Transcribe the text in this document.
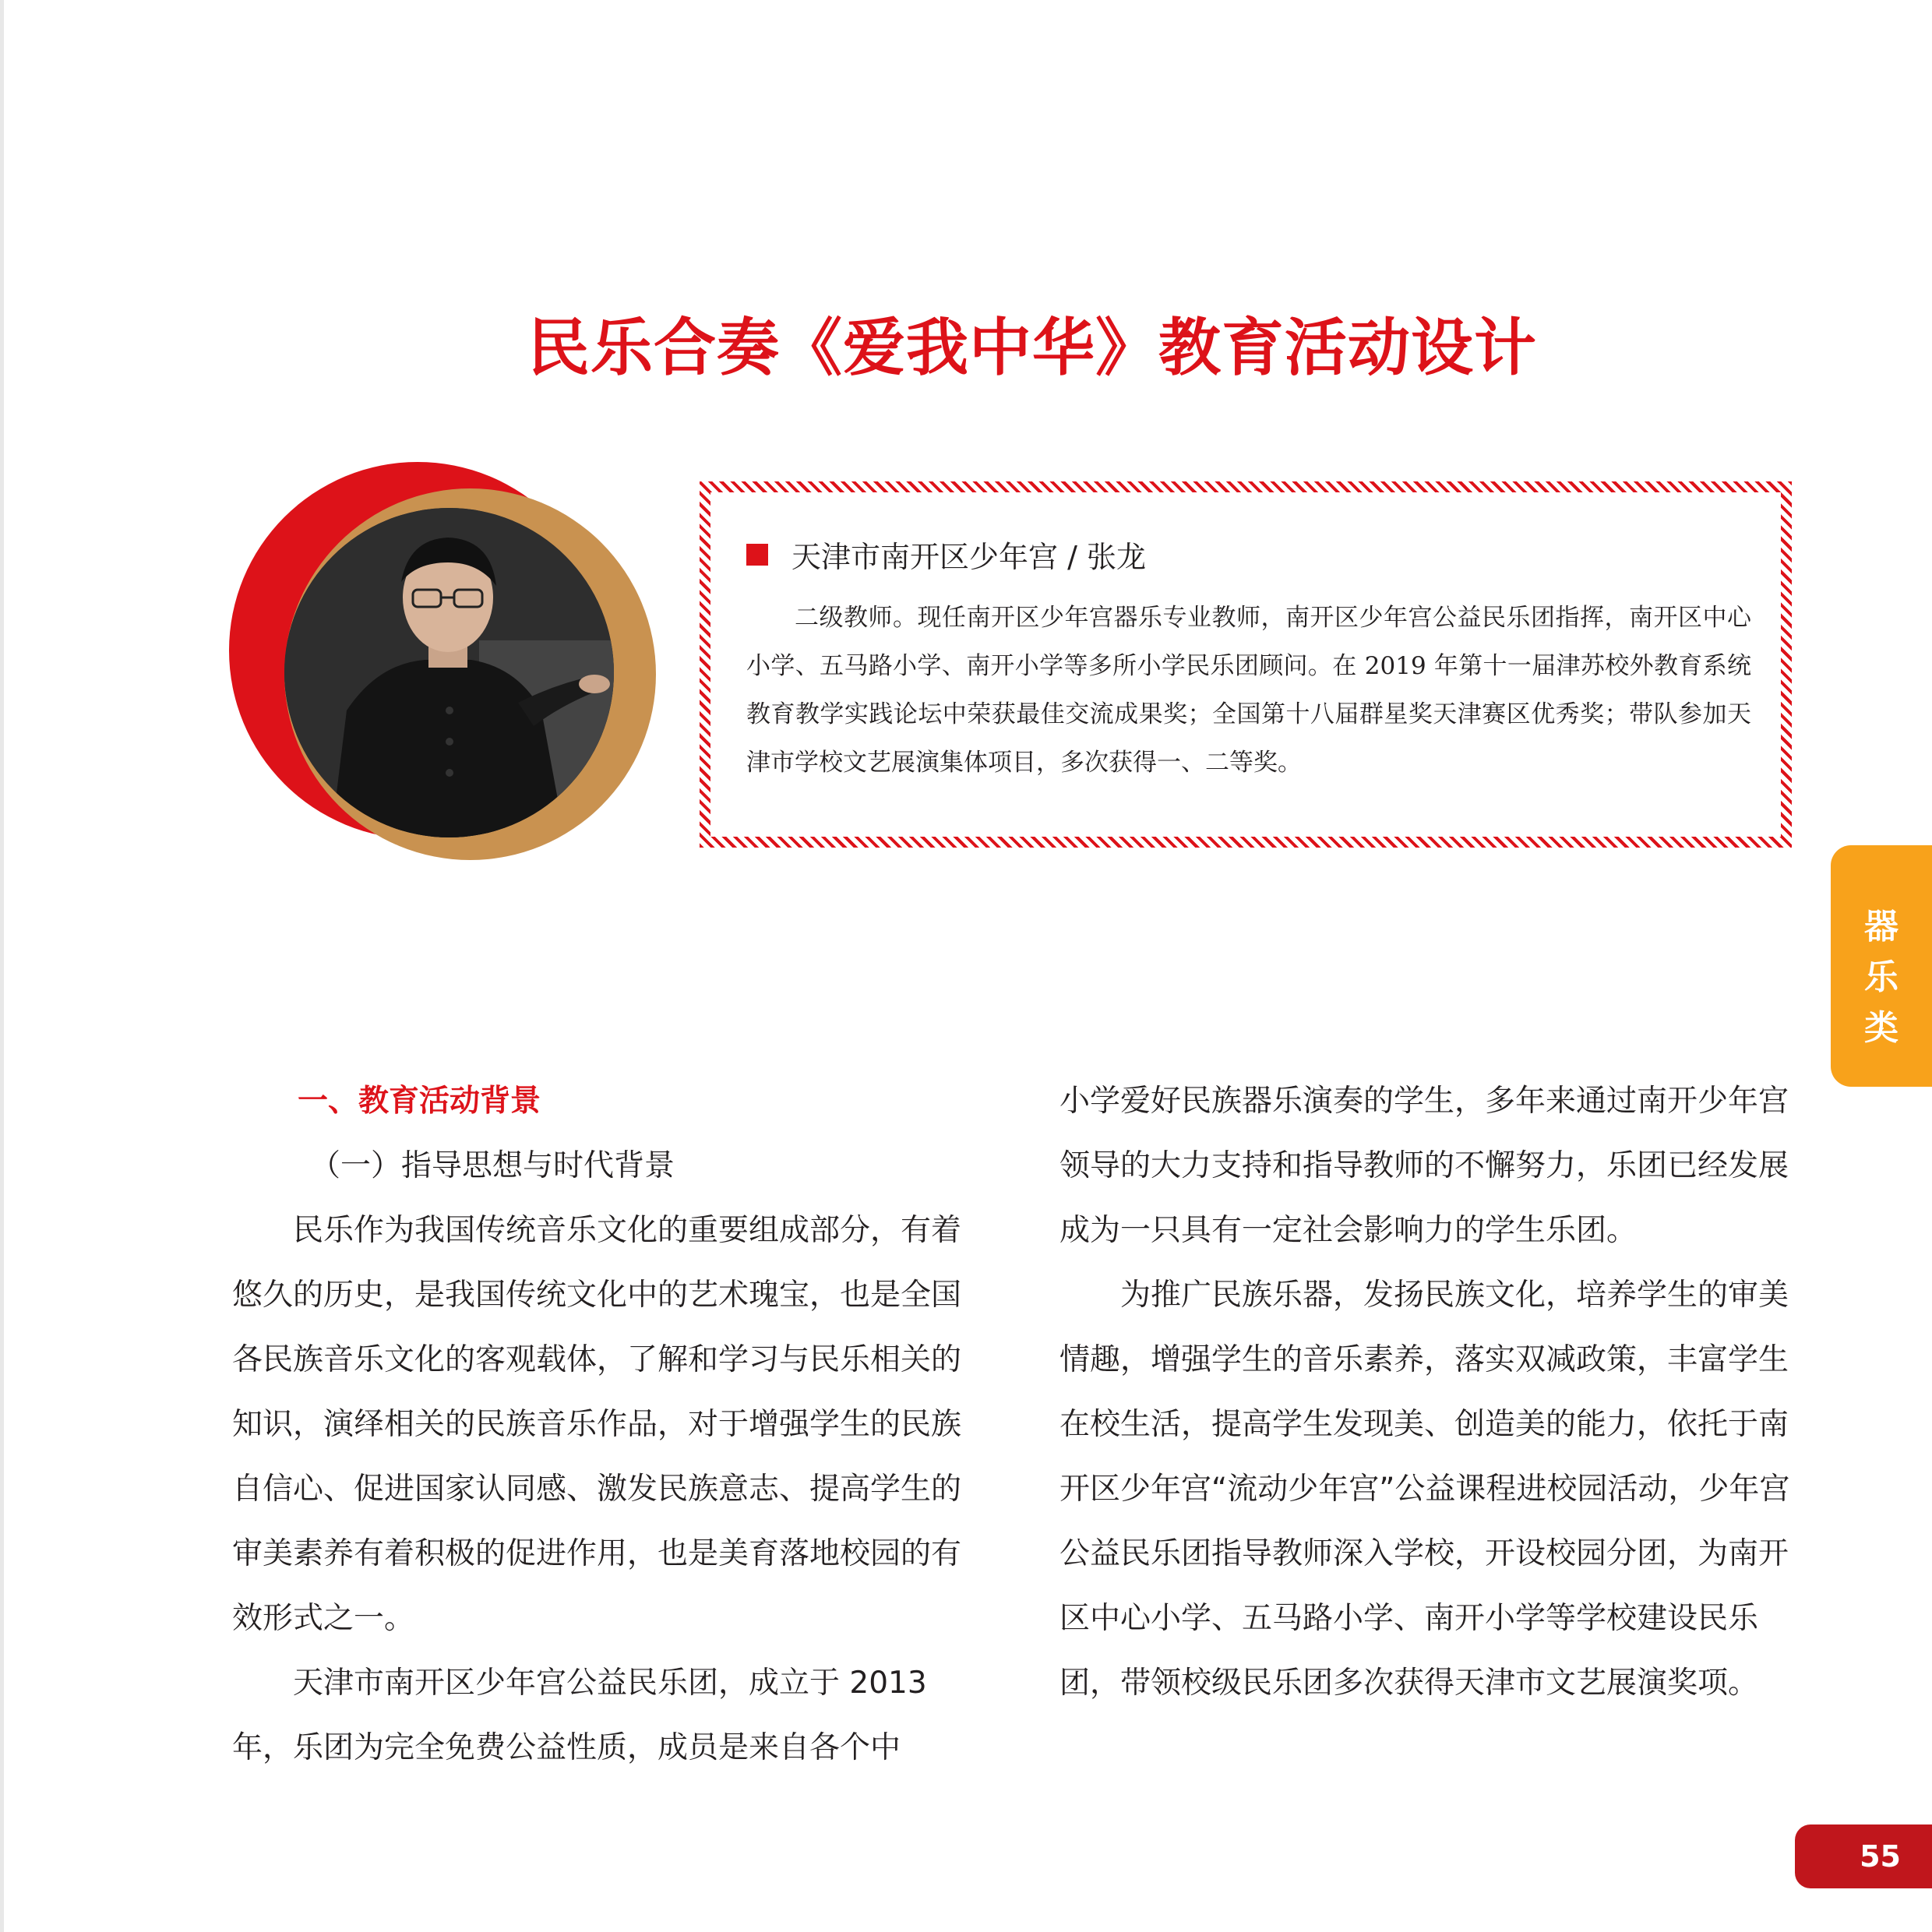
民乐合奏《爱我中华》教育活动设计
天津市南开区少年宫 / 张龙
二级教师。现任南开区少年宫器乐专业教师，南开区少年宫公益民乐团指挥，南开区中心小学、五马路小学、南开小学等多所小学民乐团顾问。在 2019 年第十一届津苏校外教育系统教育教学实践论坛中荣获最佳交流成果奖；全国第十八届群星奖天津赛区优秀奖；带队参加天津市学校文艺展演集体项目，多次获得一、二等奖。
器
乐
类

一、教育活动背景

（一）指导思想与时代背景

民乐作为我国传统音乐文化的重要组成部分，有着悠久的历史，是我国传统文化中的艺术瑰宝，也是全国各民族音乐文化的客观载体，了解和学习与民乐相关的知识，演绎相关的民族音乐作品，对于增强学生的民族自信心、促进国家认同感、激发民族意志、提高学生的审美素养有着积极的促进作用，也是美育落地校园的有效形式之一。

天津市南开区少年宫公益民乐团，成立于 2013 年，乐团为完全免费公益性质，成员是来自各个中

小学爱好民族器乐演奏的学生，多年来通过南开少年宫领导的大力支持和指导教师的不懈努力，乐团已经发展成为一只具有一定社会影响力的学生乐团。

为推广民族乐器，发扬民族文化，培养学生的审美情趣，增强学生的音乐素养，落实双减政策，丰富学生在校生活，提高学生发现美、创造美的能力，依托于南开区少年宫“流动少年宫”公益课程进校园活动，少年宫公益民乐团指导教师深入学校，开设校园分团，为南开区中心小学、五马路小学、南开小学等学校建设民乐团，带领校级民乐团多次获得天津市文艺展演奖项。

55
